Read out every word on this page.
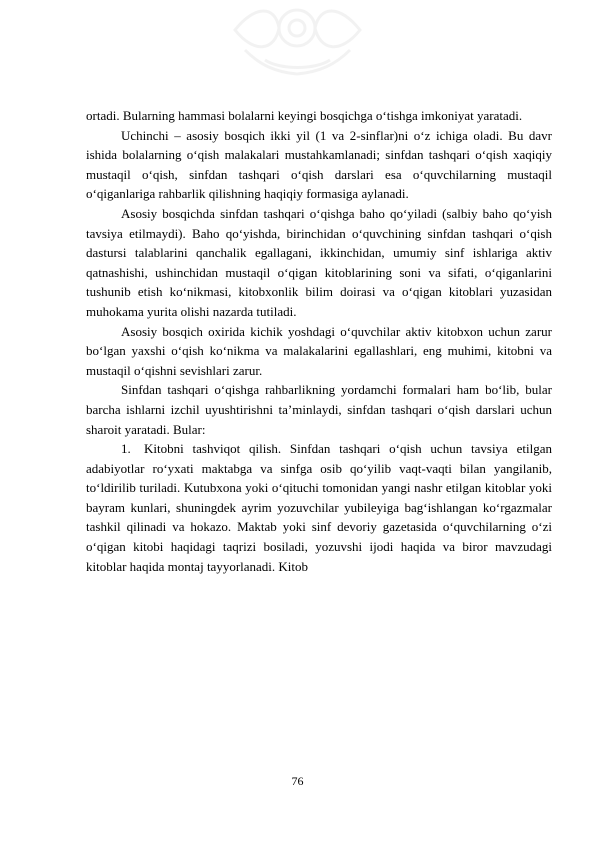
ortadi. Bularning hammasi bolalarni keyingi bosqichga o‘tishga imkoniyat yaratadi.

Uchinchi – asosiy bosqich ikki yil (1 va 2-sinflar)ni o‘z ichiga oladi. Bu davr ishida bolalarning o‘qish malakalari mustahkamlanadi; sinfdan tashqari o‘qish xaqiqiy mustaqil o‘qish, sinfdan tashqari o‘qish darslari esa o‘quvchilarning mustaqil o‘qiganlariga rahbarlik qilishning haqiqiy formasiga aylanadi.

Asosiy bosqichda sinfdan tashqari o‘qishga baho qo‘yiladi (salbiy baho qo‘yish tavsiya etilmaydi). Baho qo‘yishda, birinchidan o‘quvchining sinfdan tashqari o‘qish dastursi talablarini qanchalik egallagani, ikkinchidan, umumiy sinf ishlariga aktiv qatnashishi, ushinchidan mustaqil o‘qigan kitoblarining soni va sifati, o‘qiganlarini tushunib etish ko‘nikmasi, kitobxonlik bilim doirasi va o‘qigan kitoblari yuzasidan muhokama yurita olishi nazarda tutiladi.

Asosiy bosqich oxirida kichik yoshdagi o‘quvchilar aktiv kitobxon uchun zarur bo‘lgan yaxshi o‘qish ko‘nikma va malakalarini egallashlari, eng muhimi, kitobni va mustaqil o‘qishni sevishlari zarur.

Sinfdan tashqari o‘qishga rahbarlikning yordamchi formalari ham bo‘lib, bular barcha ishlarni izchil uyushtirishni ta’minlaydi, sinfdan tashqari o‘qish darslari uchun sharoit yaratadi. Bular:

1. Kitobni tashviqot qilish. Sinfdan tashqari o‘qish uchun tavsiya etilgan adabiyotlar ro‘yxati maktabga va sinfga osib qo‘yilib vaqt-vaqti bilan yangilanib, to‘ldirilib turiladi. Kutubxona yoki o‘qituchi tomonidan yangi nashr etilgan kitoblar yoki bayram kunlari, shuningdek ayrim yozuvchilar yubileyiga bag‘ishlangan ko‘rgazmalar tashkil qilinadi va hokazo. Maktab yoki sinf devoriy gazetasida o‘quvchilarning o‘zi o‘qigan kitobi haqidagi taqrizi bosiladi, yozuvshi ijodi haqida va biror mavzudagi kitoblar haqida montaj tayyorlanadi. Kitob

76
